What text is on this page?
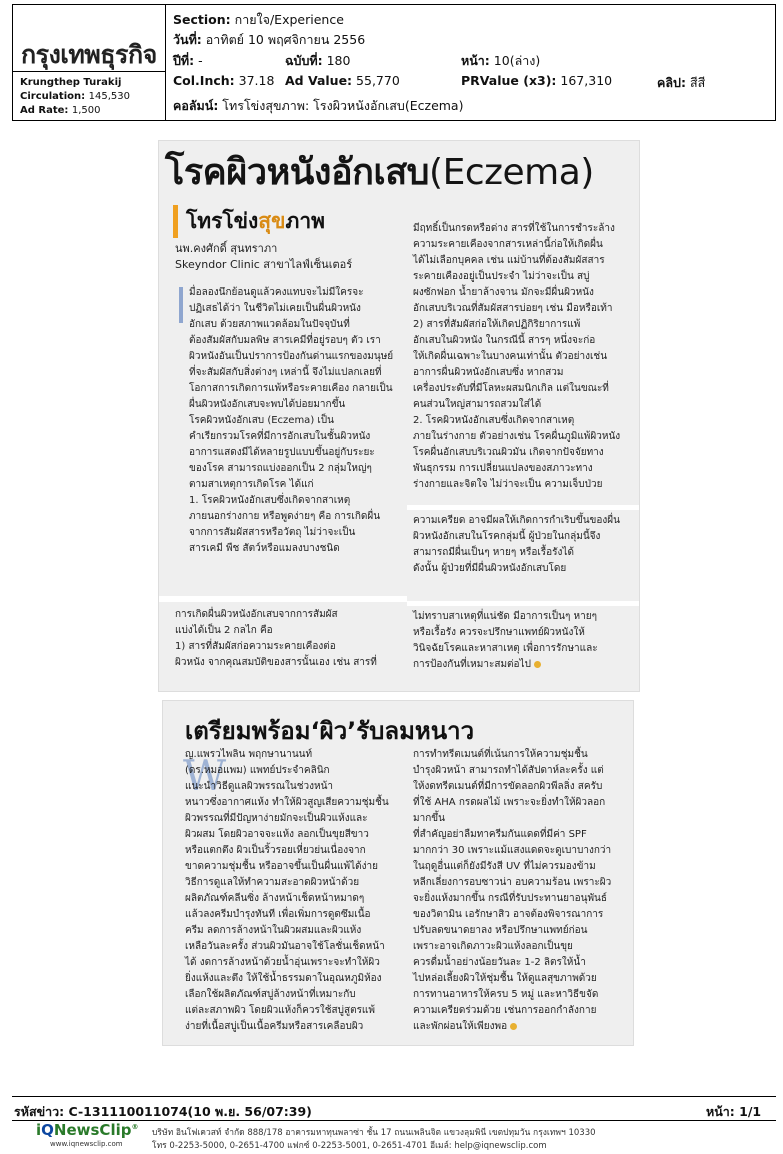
กรุงเทพธุรกิจ
Krungthep Turakij
Circulation: 145,530
Ad Rate: 1,500
Section: กายใจ/Experience
วันที่: อาทิตย์ 10 พฤศจิกายน 2556
ปีที่: -	ฉบับที่: 180	หน้า: 10(ล่าง)
Col.Inch: 37.18 Ad Value: 55,770	PRValue (x3): 167,310	คลิป: สีสี
คอลัมน์: โทรโข่งสุขภาพ: โรงผิวหนังอักเสบ(Eczema)
โรคผิวหนังอักเสบ(Eczema)
โทรโข่งสุขภาพ
นพ.คงศักดิ์ สุนทราภา
Skeyndor Clinic สาขาไลฟ์เซ็นเตอร์

มื่อลองนึกย้อนดูแล้วคงแทบจะไม่มีใครจะ

ปฏิเสธได้ว่า ในชีวิตไม่เคยเป็นผื่นผิวหนัง

อักเสบ ด้วยสภาพแวดล้อมในปัจจุบันที่

ต้องสัมผัสกับมลพิษ สารเคมีที่อยู่รอบๆ ตัว เรา

ผิวหนังอันเป็นปราการป้องกันด่านแรกของมนุษย์

ที่จะสัมผัสกับสิ่งต่างๆ เหล่านี้ จึงไม่แปลกเลยที่

โอกาสการเกิดการแพ้หรือระคายเคือง กลายเป็น

ผื่นผิวหนังอักเสบจะพบได้บ่อยมากขึ้น

โรคผิวหนังอักเสบ (Eczema) เป็น

คำเรียกรวมโรคที่มีการอักเสบในชั้นผิวหนัง

อาการแสดงมีได้หลายรูปแบบขึ้นอยู่กับระยะ

ของโรค สามารถแบ่งออกเป็น 2 กลุ่มใหญ่ๆ

ตามสาเหตุการเกิดโรค ได้แก่

1. โรคผิวหนังอักเสบซึ่งเกิดจากสาเหตุ

ภายนอกร่างกาย หรือพูดง่ายๆ คือ การเกิดผื่น

จากการสัมผัสสารหรือวัตถุ ไม่ว่าจะเป็น

สารเคมี พืช สัตว์หรือแมลงบางชนิด

การเกิดผื่นผิวหนังอักเสบจากการสัมผัส

แบ่งได้เป็น 2 กลไก คือ

1) สารที่สัมผัสก่อความระคายเคืองต่อ

ผิวหนัง จากคุณสมบัติของสารนั้นเอง เช่น สารที่

มีฤทธิ์เป็นกรดหรือด่าง สารที่ใช้ในการชำระล้าง

ความระคายเคืองจากสารเหล่านี้ก่อให้เกิดผื่น

ได้ไม่เลือกบุคคล เช่น แม่บ้านที่ต้องสัมผัสสาร

ระคายเคืองอยู่เป็นประจำ ไม่ว่าจะเป็น สบู่

ผงซักฟอก น้ำยาล้างจาน มักจะมีผื่นผิวหนัง

อักเสบบริเวณที่สัมผัสสารบ่อยๆ เช่น มือหรือเท้า

2) สารที่สัมผัสก่อให้เกิดปฏิกิริยาการแพ้

อักเสบในผิวหนัง ในกรณีนี้ สารๆ หนึ่งจะก่อ

ให้เกิดผื่นเฉพาะในบางคนเท่านั้น ตัวอย่างเช่น

อาการผื่นผิวหนังอักเสบซึ่ง หากสวม

เครื่องประดับที่มีโลหะผสมนิกเกิล แต่ในขณะที่

คนส่วนใหญ่สามารถสวมใส่ได้

2. โรคผิวหนังอักเสบซึ่งเกิดจากสาเหตุ

ภายในร่างกาย ตัวอย่างเช่น โรคผื่นภูมิแพ้ผิวหนัง

โรคผื่นอักเสบบริเวณผิวมัน เกิดจากปัจจัยทาง

พันธุกรรม การเปลี่ยนแปลงของสภาวะทาง

ร่างกายและจิตใจ ไม่ว่าจะเป็น ความเจ็บป่วย

ความเครียด อาจมีผลให้เกิดการกำเริบขึ้นของผื่น

ผิวหนังอักเสบในโรคกลุ่มนี้ ผู้ป่วยในกลุ่มนี้จึง

สามารถมีผื่นเป็นๆ หายๆ หรือเรื้อรังได้

ดังนั้น ผู้ป่วยที่มีผื่นผิวหนังอักเสบโดย

ไม่ทราบสาเหตุที่แน่ชัด มีอาการเป็นๆ หายๆ

หรือเรื้อรัง ควรจะปรึกษาแพทย์ผิวหนังให้

วินิจฉัยโรคและหาสาเหตุ เพื่อการรักษาและ

การป้องกันที่เหมาะสมต่อไป

เตรียมพร้อม‘ผิว’รับลมหนาว
W

ญ.แพรวไพลิน พฤกษานานนท์

(ดร.หมอแพม) แพทย์ประจำคลินิก

แนะนำวิธีดูแลผิวพรรณในช่วงหน้า

หนาวซึ่งอากาศแห้ง ทำให้ผิวสูญเสียความชุ่มชื้น

ผิวพรรณที่มีปัญหาง่ายมักจะเป็นผิวแห้งและ

ผิวผสม โดยผิวอาจจะแห้ง ลอกเป็นขุยสีขาว

หรือแตกตึง ผิวเป็นริ้วรอยเหี่ยวย่นเนื่องจาก

ขาดความชุ่มชื้น หรืออาจขึ้นเป็นผื่นแพ้ได้ง่าย

วิธีการดูแลให้ทำความสะอาดผิวหน้าด้วย

ผลิตภัณฑ์คลีนซิ่ง ล้างหน้าเช็ดหน้าหมาดๆ

แล้วลงครีมบำรุงทันที เพื่อเพิ่มการดูดซึมเนื้อ

ครีม ลดการล้างหน้าในผิวผสมและผิวแห้ง

เหลือวันละครั้ง ส่วนผิวมันอาจใช้โลชั่นเช็ดหน้า

ได้ งดการล้างหน้าด้วยน้ำอุ่นเพราะจะทำให้ผิว

ยิ่งแห้งและตึง ให้ใช้น้ำธรรมดาในอุณหภูมิห้อง

เลือกใช้ผลิตภัณฑ์สบู่ล้างหน้าที่เหมาะกับ

แต่ละสภาพผิว โดยผิวแห้งก็ควรใช้สบู่สูตรแพ้

ง่ายที่เนื้อสบู่เป็นเนื้อครีมหรือสารเคลือบผิว

การทำทรีตเมนต์ที่เน้นการให้ความชุ่มชื้น

บำรุงผิวหน้า สามารถทำได้สัปดาห์ละครั้ง แต่

ให้งดทรีตเมนต์ที่มีการขัดลอกผิวพีลลิ่ง สครับ

ที่ใช้ AHA กรดผลไม้ เพราะจะยิ่งทำให้ผิวลอก

มากขึ้น

ที่สำคัญอย่าลืมทาครีมกันแดดที่มีค่า SPF

มากกว่า 30 เพราะแม้แสงแดดจะดูเบาบางกว่า

ในฤดูอื่นแต่ก็ยังมีรังสี UV ที่ไม่ควรมองข้าม

หลีกเลี่ยงการอบซาวน่า อบความร้อน เพราะผิว

จะยิ่งแห้งมากขึ้น กรณีที่รับประทานยาอนุพันธ์

ของวิตามิน เอรักษาสิว อาจต้องพิจารณาการ

ปรับลดขนาดยาลง หรือปรึกษาแพทย์ก่อน

เพราะอาจเกิดภาวะผิวแห้งลอกเป็นขุย

ควรดื่มน้ำอย่างน้อยวันละ 1-2 ลิตรให้น้ำ

ไปหล่อเลี้ยงผิวให้ชุ่มชื้น ให้ดูแลสุขภาพด้วย

การทานอาหารให้ครบ 5 หมู่ และหาวิธีขจัด

ความเครียดร่วมด้วย เช่นการออกกำลังกาย

และพักผ่อนให้เพียงพอ

รหัสข่าว: C-131110011074(10 พ.ย. 56/07:39)	หน้า: 1/1
iQNewsClip®
www.iqnewsclip.com
บริษัท อินโฟเควสท์ จำกัด 888/178 อาคารมหาทุนพลาซ่า ชั้น 17 ถนนเพลินจิต แขวงลุมพินี เขตปทุมวัน กรุงเทพฯ 10330
โทร 0-2253-5000, 0-2651-4700 แฟกซ์ 0-2253-5001, 0-2651-4701 อีเมล์: help@iqnewsclip.com
